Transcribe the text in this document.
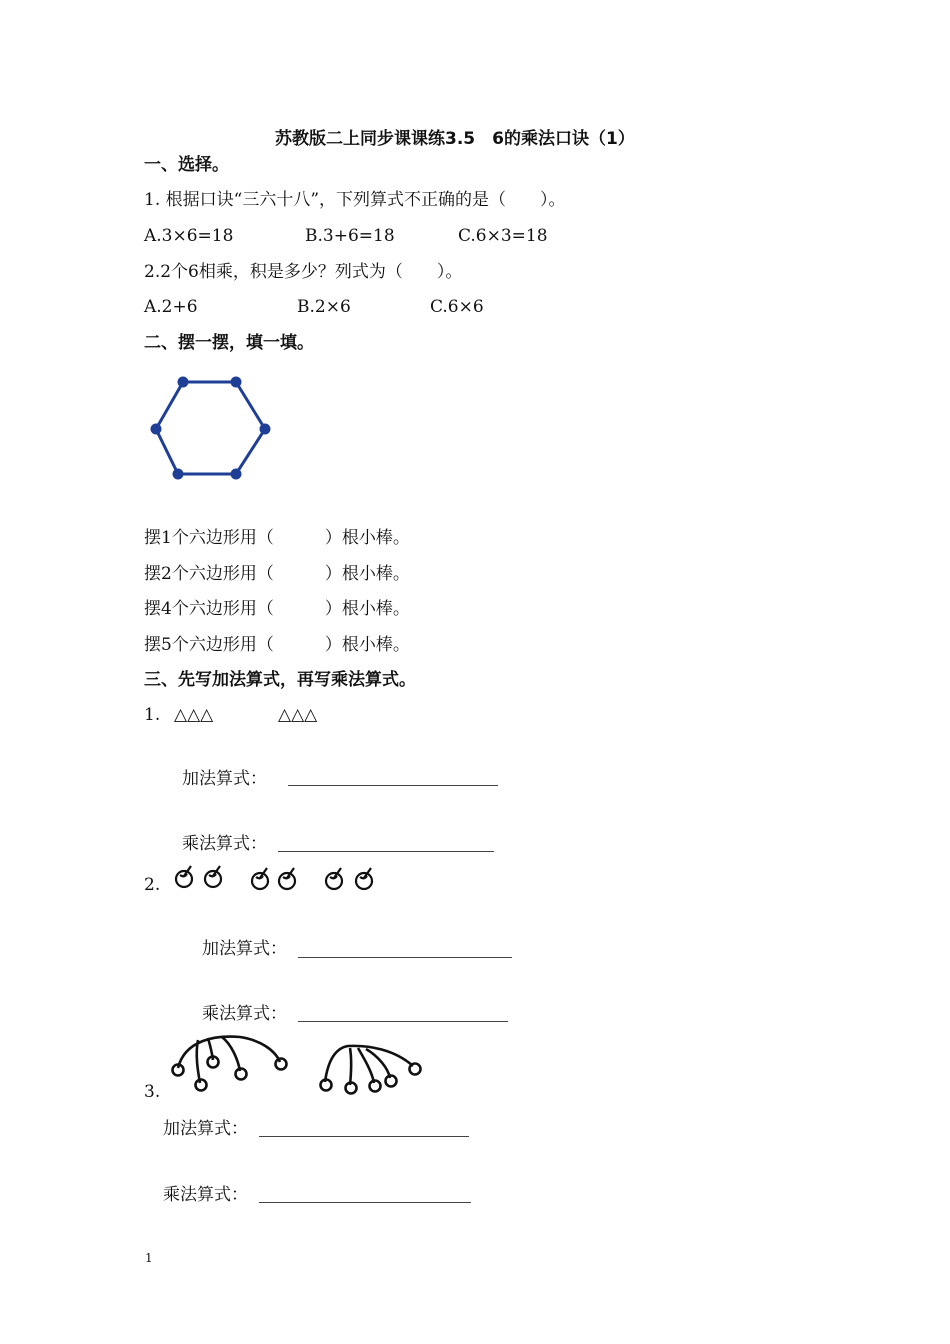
苏教版二上同步课课练3.5　6的乘法口诀（1）
一、选择。
1. 根据口诀“三六十八”，下列算式不正确的是（　　）。
A.3×6=18	B.3+6=18	C.6×3=18
2.2个6相乘，积是多少？列式为（　　）。
A.2+6	B.2×6	C.6×6
二、摆一摆，填一填。
摆1个六边形用（　　　）根小棒。
摆2个六边形用（　　　）根小棒。
摆4个六边形用（　　　）根小棒。
摆5个六边形用（　　　）根小棒。
三、先写加法算式，再写乘法算式。
1. △△△	△△△
加法算式：
乘法算式：
2.
加法算式：
乘法算式：
3.
加法算式：
乘法算式：
1
